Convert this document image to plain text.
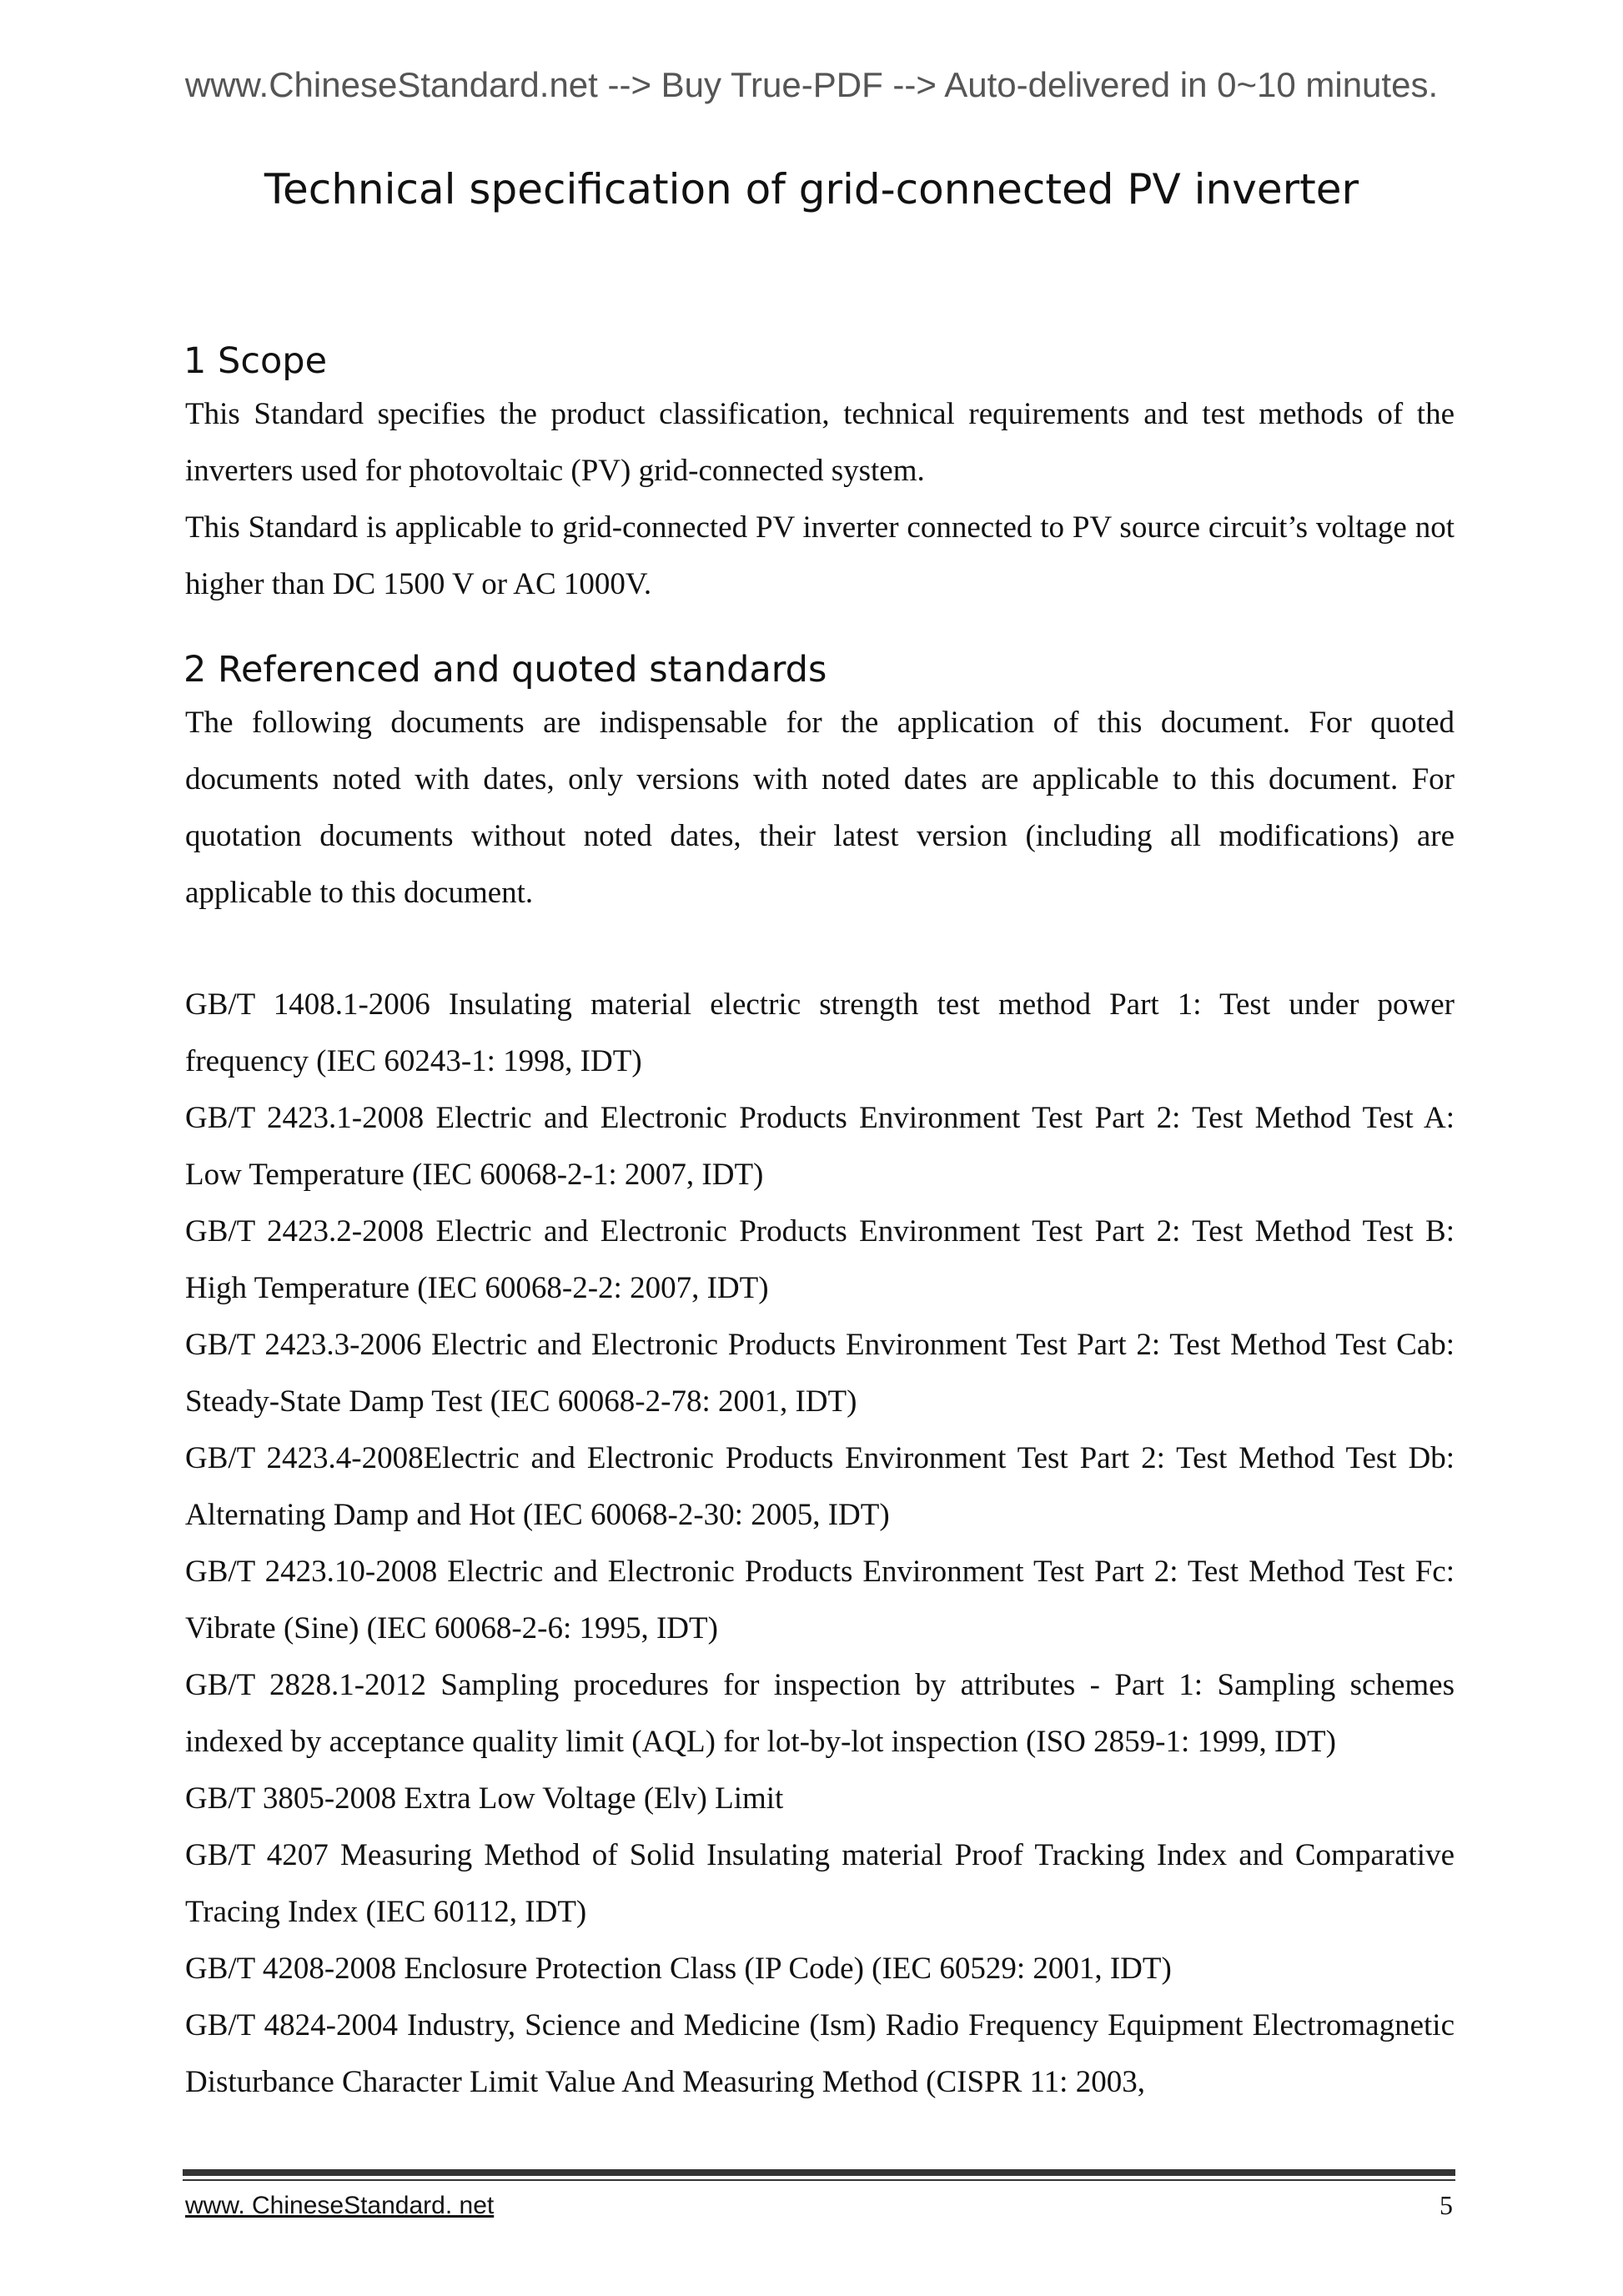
www.ChineseStandard.net --> Buy True-PDF --> Auto-delivered in 0~10 minutes.
Technical specification of grid-connected PV inverter
1 Scope

This Standard specifies the product classification, technical requirements and test methods of the inverters used for photovoltaic (PV) grid-connected system.

This Standard is applicable to grid-connected PV inverter connected to PV source circuit’s voltage not higher than DC 1500 V or AC 1000V.

2 Referenced and quoted standards

The following documents are indispensable for the application of this document. For quoted documents noted with dates, only versions with noted dates are applicable to this document. For quotation documents without noted dates, their latest version (including all modifications) are applicable to this document.

GB/T 1408.1-2006 Insulating material electric strength test method Part 1: Test under power frequency (IEC 60243-1: 1998, IDT)

GB/T 2423.1-2008 Electric and Electronic Products Environment Test Part 2: Test Method Test A: Low Temperature (IEC 60068-2-1: 2007, IDT)

GB/T 2423.2-2008 Electric and Electronic Products Environment Test Part 2: Test Method Test B: High Temperature (IEC 60068-2-2: 2007, IDT)

GB/T 2423.3-2006 Electric and Electronic Products Environment Test Part 2: Test Method Test Cab: Steady-State Damp Test (IEC 60068-2-78: 2001, IDT)

GB/T 2423.4-2008Electric and Electronic Products Environment Test Part 2: Test Method Test Db: Alternating Damp and Hot (IEC 60068-2-30: 2005, IDT)

GB/T 2423.10-2008 Electric and Electronic Products Environment Test Part 2: Test Method Test Fc: Vibrate (Sine) (IEC 60068-2-6: 1995, IDT)

GB/T 2828.1-2012 Sampling procedures for inspection by attributes - Part 1: Sampling schemes indexed by acceptance quality limit (AQL) for lot-by-lot inspection (ISO 2859-1: 1999, IDT)

GB/T 3805-2008 Extra Low Voltage (Elv) Limit

GB/T 4207 Measuring Method of Solid Insulating material Proof Tracking Index and Comparative Tracing Index (IEC 60112, IDT)

GB/T 4208-2008 Enclosure Protection Class (IP Code) (IEC 60529: 2001, IDT)

GB/T 4824-2004 Industry, Science and Medicine (Ism) Radio Frequency Equipment Electromagnetic Disturbance Character Limit Value And Measuring Method (CISPR 11: 2003,

www. ChineseStandard. net	5
